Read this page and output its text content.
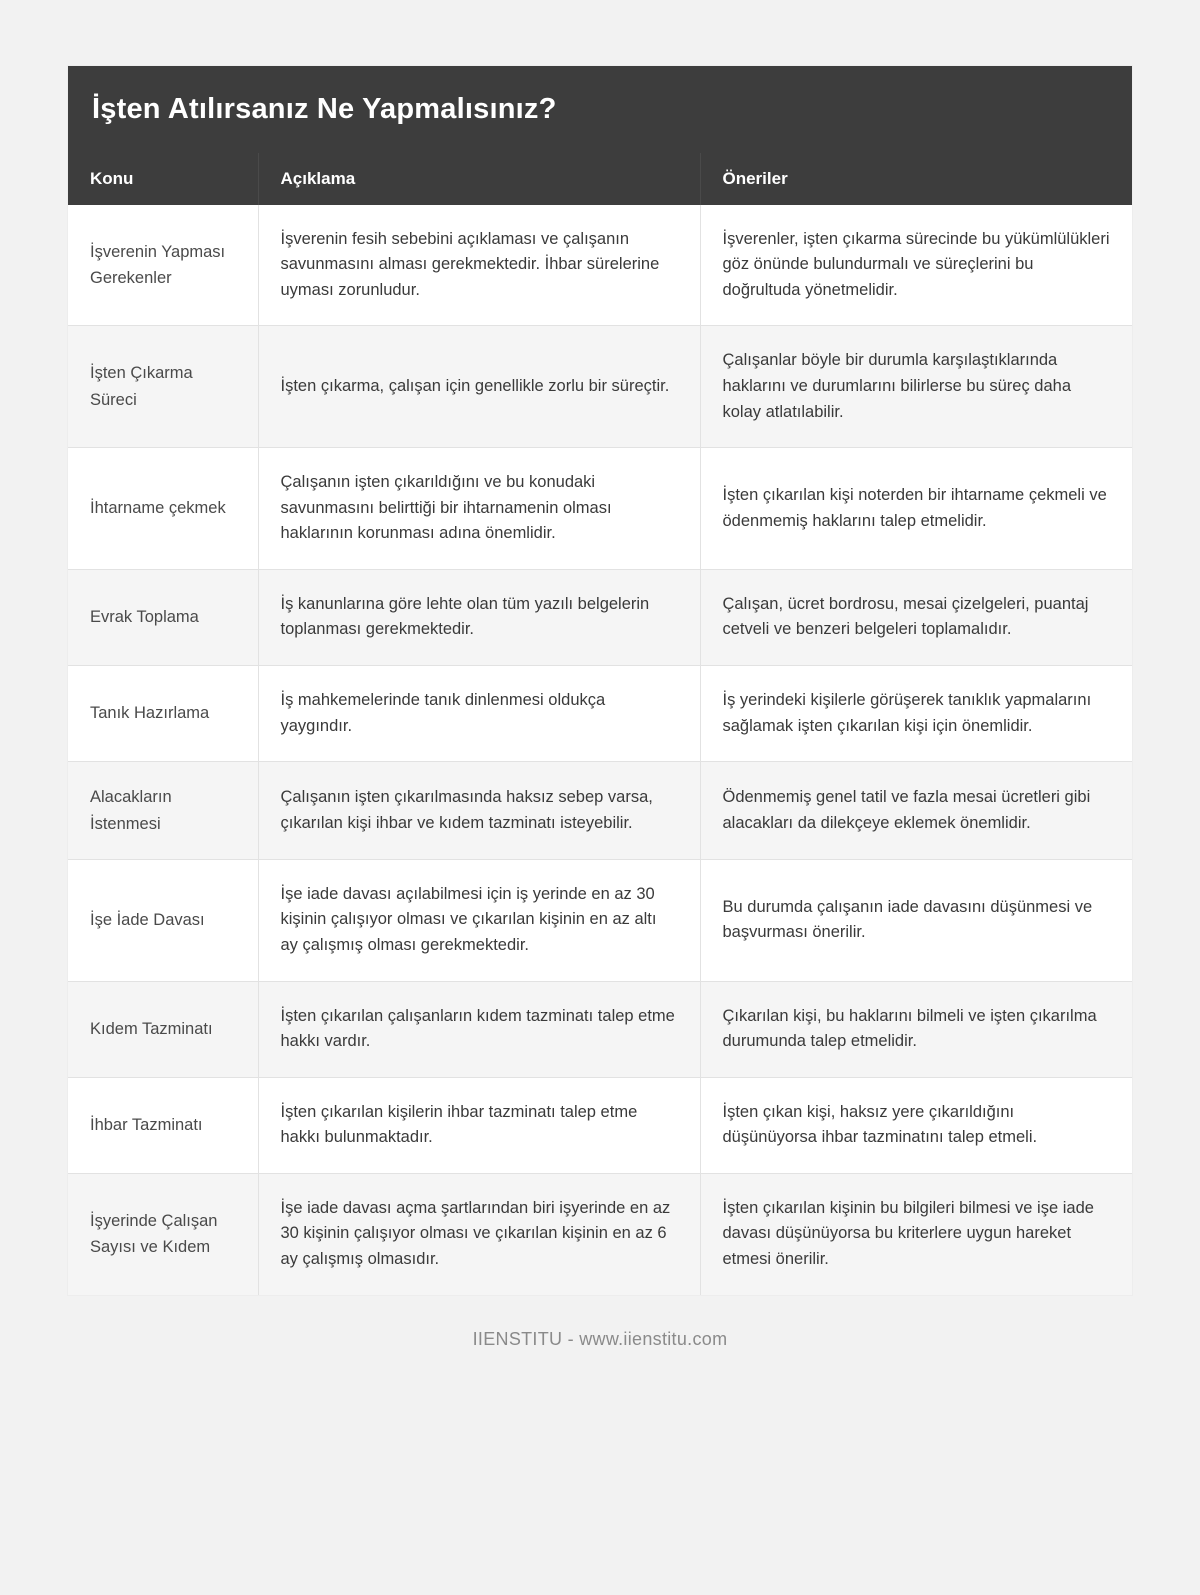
İşten Atılırsanız Ne Yapmalısınız?
Konu	Açıklama	Öneriler
İşverenin Yapması Gerekenler	İşverenin fesih sebebini açıklaması ve çalışanın savunmasını alması gerekmektedir. İhbar sürelerine uyması zorunludur.	İşverenler, işten çıkarma sürecinde bu yükümlülükleri göz önünde bulundurmalı ve süreçlerini bu doğrultuda yönetmelidir.
İşten Çıkarma Süreci	İşten çıkarma, çalışan için genellikle zorlu bir süreçtir.	Çalışanlar böyle bir durumla karşılaştıklarında haklarını ve durumlarını bilirlerse bu süreç daha kolay atlatılabilir.
İhtarname çekmek	Çalışanın işten çıkarıldığını ve bu konudaki savunmasını belirttiği bir ihtarnamenin olması haklarının korunması adına önemlidir.	İşten çıkarılan kişi noterden bir ihtarname çekmeli ve ödenmemiş haklarını talep etmelidir.
Evrak Toplama	İş kanunlarına göre lehte olan tüm yazılı belgelerin toplanması gerekmektedir.	Çalışan, ücret bordrosu, mesai çizelgeleri, puantaj cetveli ve benzeri belgeleri toplamalıdır.
Tanık Hazırlama	İş mahkemelerinde tanık dinlenmesi oldukça yaygındır.	İş yerindeki kişilerle görüşerek tanıklık yapmalarını sağlamak işten çıkarılan kişi için önemlidir.
Alacakların İstenmesi	Çalışanın işten çıkarılmasında haksız sebep varsa, çıkarılan kişi ihbar ve kıdem tazminatı isteyebilir.	Ödenmemiş genel tatil ve fazla mesai ücretleri gibi alacakları da dilekçeye eklemek önemlidir.
İşe İade Davası	İşe iade davası açılabilmesi için iş yerinde en az 30 kişinin çalışıyor olması ve çıkarılan kişinin en az altı ay çalışmış olması gerekmektedir.	Bu durumda çalışanın iade davasını düşünmesi ve başvurması önerilir.
Kıdem Tazminatı	İşten çıkarılan çalışanların kıdem tazminatı talep etme hakkı vardır.	Çıkarılan kişi, bu haklarını bilmeli ve işten çıkarılma durumunda talep etmelidir.
İhbar Tazminatı	İşten çıkarılan kişilerin ihbar tazminatı talep etme hakkı bulunmaktadır.	İşten çıkan kişi, haksız yere çıkarıldığını düşünüyorsa ihbar tazminatını talep etmeli.
İşyerinde Çalışan Sayısı ve Kıdem	İşe iade davası açma şartlarından biri işyerinde en az 30 kişinin çalışıyor olması ve çıkarılan kişinin en az 6 ay çalışmış olmasıdır.	İşten çıkarılan kişinin bu bilgileri bilmesi ve işe iade davası düşünüyorsa bu kriterlere uygun hareket etmesi önerilir.
IIENSTITU - www.iienstitu.com
